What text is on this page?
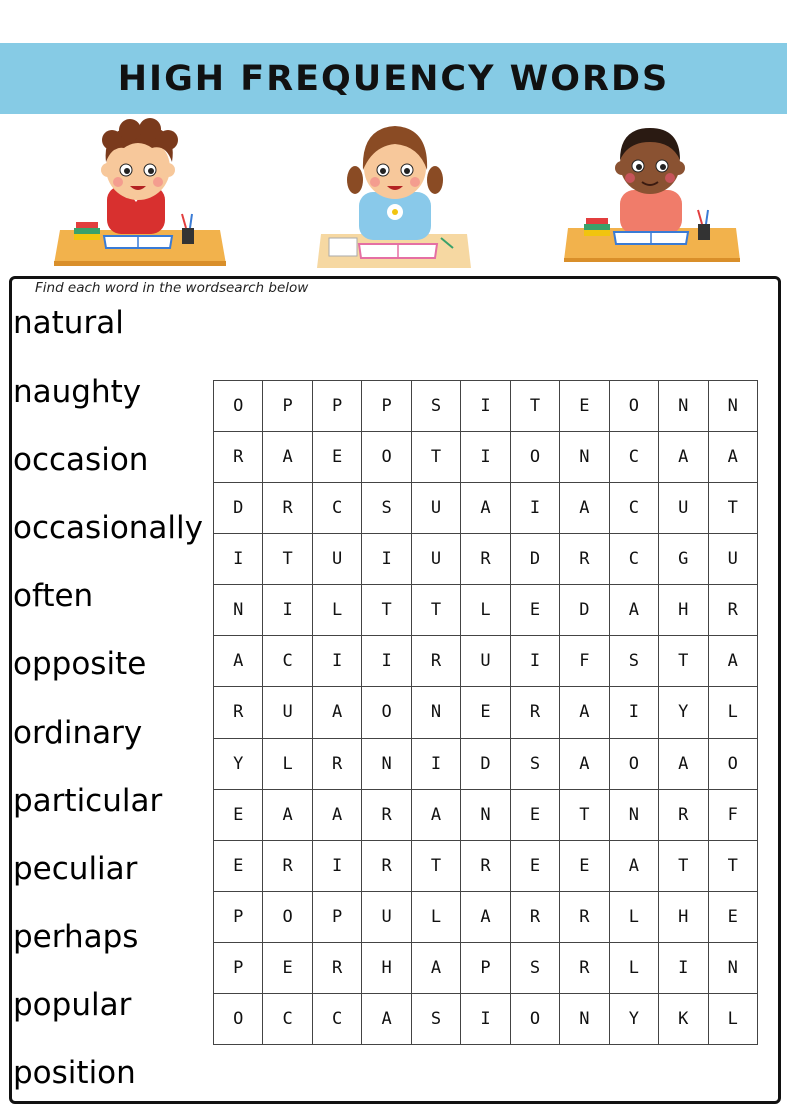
HIGH FREQUENCY WORDS
Find each word in the wordsearch below
natural
naughty
occasion
occasionally
often
opposite
ordinary
particular
peculiar
perhaps
popular
position
O	P	P	P	S	I	T	E	O	N	N
R	A	E	O	T	I	O	N	C	A	A
D	R	C	S	U	A	I	A	C	U	T
I	T	U	I	U	R	D	R	C	G	U
N	I	L	T	T	L	E	D	A	H	R
A	C	I	I	R	U	I	F	S	T	A
R	U	A	O	N	E	R	A	I	Y	L
Y	L	R	N	I	D	S	A	O	A	O
E	A	A	R	A	N	E	T	N	R	F
E	R	I	R	T	R	E	E	A	T	T
P	O	P	U	L	A	R	R	L	H	E
P	E	R	H	A	P	S	R	L	I	N
O	C	C	A	S	I	O	N	Y	K	L
